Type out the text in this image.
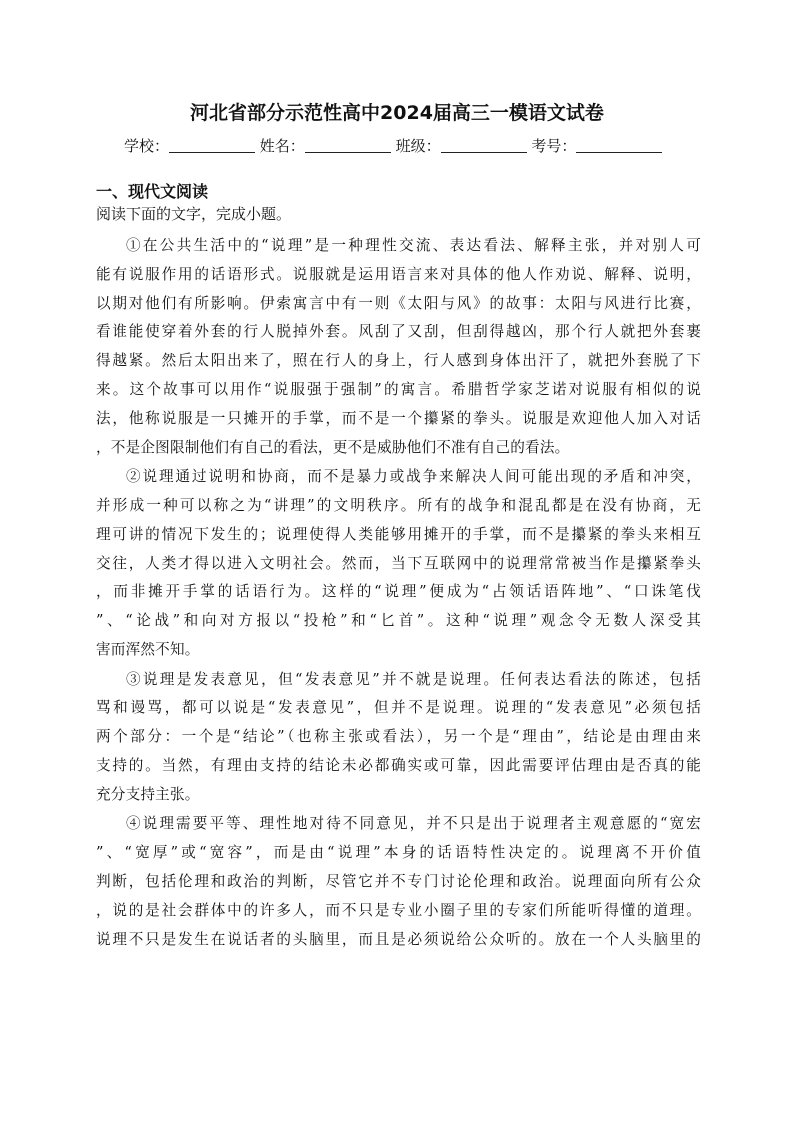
河北省部分示范性高中2024届高三一模语文试卷
学校：	姓名：	班级：	考号：
一、现代文阅读
阅读下面的文字，完成小题。
①在公共生活中的“说理”是一种理性交流、表达看法、解释主张，并对别人可
能有说服作用的话语形式。说服就是运用语言来对具体的他人作劝说、解释、说明，
以期对他们有所影响。伊索寓言中有一则《太阳与风》的故事：太阳与风进行比赛，
看谁能使穿着外套的行人脱掉外套。风刮了又刮，但刮得越凶，那个行人就把外套裹
得越紧。然后太阳出来了，照在行人的身上，行人感到身体出汗了，就把外套脱了下
来。这个故事可以用作“说服强于强制”的寓言。希腊哲学家芝诺对说服有相似的说
法，他称说服是一只摊开的手掌，而不是一个攥紧的拳头。说服是欢迎他人加入对话
，不是企图限制他们有自己的看法，更不是威胁他们不准有自己的看法。
②说理通过说明和协商，而不是暴力或战争来解决人间可能出现的矛盾和冲突，
并形成一种可以称之为“讲理”的文明秩序。所有的战争和混乱都是在没有协商，无
理可讲的情况下发生的；说理使得人类能够用摊开的手掌，而不是攥紧的拳头来相互
交往，人类才得以进入文明社会。然而，当下互联网中的说理常常被当作是攥紧拳头
，而非摊开手掌的话语行为。这样的“说理”便成为“占领话语阵地”、“口诛笔伐
”、“论战”和向对方报以“投枪”和“匕首”。这种“说理”观念令无数人深受其
害而浑然不知。
③说理是发表意见，但“发表意见”并不就是说理。任何表达看法的陈述，包括
骂和谩骂，都可以说是“发表意见”，但并不是说理。说理的“发表意见”必须包括
两个部分：一个是“结论”（也称主张或看法），另一个是“理由”，结论是由理由来
支持的。当然，有理由支持的结论未必都确实或可靠，因此需要评估理由是否真的能
充分支持主张。
④说理需要平等、理性地对待不同意见，并不只是出于说理者主观意愿的“宽宏
”、“宽厚”或“宽容”，而是由“说理”本身的话语特性决定的。说理离不开价值
判断，包括伦理和政治的判断，尽管它并不专门讨论伦理和政治。说理面向所有公众
，说的是社会群体中的许多人，而不只是专业小圈子里的专家们所能听得懂的道理。
说理不只是发生在说话者的头脑里，而且是必须说给公众听的。放在一个人头脑里的
